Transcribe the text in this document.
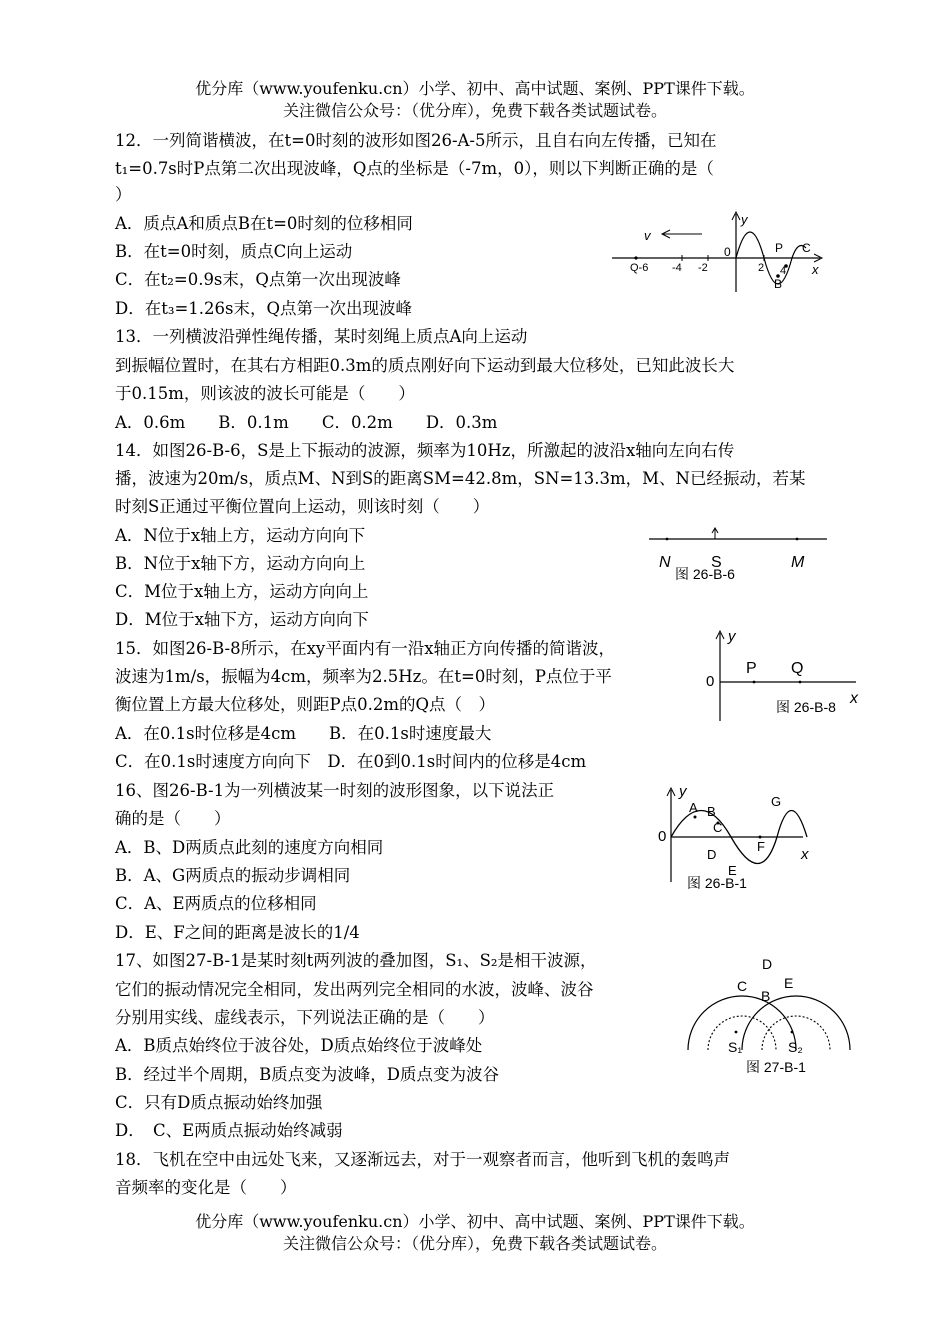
优分库（www.youfenku.cn）小学、初中、高中试题、案例、PPT课件下载。
关注微信公众号：（优分库），免费下载各类试题试卷。
12．一列简谐横波，在t=0时刻的波形如图26-A-5所示，且自右向左传播，已知在
t₁=0.7s时P点第二次出现波峰，Q点的坐标是（-7m，0），则以下判断正确的是（
）
A．质点A和质点B在t=0时刻的位移相同
B．在t=0时刻，质点C向上运动
C．在t₂=0.9s末，Q点第一次出现波峰
D．在t₃=1.26s末，Q点第一次出现波峰
13．一列横波沿弹性绳传播，某时刻绳上质点A向上运动
到振幅位置时，在其右方相距0.3m的质点刚好向下运动到最大位移处，已知此波长大
于0.15m，则该波的波长可能是（　　）
A．0.6m　　B．0.1m　　C．0.2m　　D．0.3m
14．如图26-B-6，S是上下振动的波源，频率为10Hz，所激起的波沿x轴向左向右传
播，波速为20m/s，质点M、N到S的距离SM=42.8m，SN=13.3m，M、N已经振动，若某
时刻S正通过平衡位置向上运动，则该时刻（　　）
A．N位于x轴上方，运动方向向下
B．N位于x轴下方，运动方向向上
C．M位于x轴上方，运动方向向上
D．M位于x轴下方，运动方向向下
15．如图26-B-8所示，在xy平面内有一沿x轴正方向传播的简谐波，
波速为1m/s，振幅为4cm，频率为2.5Hz。在t=0时刻，P点位于平
衡位置上方最大位移处，则距P点0.2m的Q点（　）
A．在0.1s时位移是4cm　　B．在0.1s时速度最大
C．在0.1s时速度方向向下　D．在0到0.1s时间内的位移是4cm
16、图26-B-1为一列横波某一时刻的波形图象，以下说法正
确的是（　　）
A．B、D两质点此刻的速度方向相同
B．A、G两质点的振动步调相同
C．A、E两质点的位移相同
D．E、F之间的距离是波长的1/4
17、如图27-B-1是某时刻t两列波的叠加图，S₁、S₂是相干波源，
它们的振动情况完全相同，发出两列完全相同的水波，波峰、波谷
分别用实线、虚线表示，下列说法正确的是（　　）
A．B质点始终位于波谷处，D质点始终位于波峰处
B．经过半个周期，B质点变为波峰，D质点变为波谷
C．只有D质点振动始终加强
D．　C、E两质点振动始终减弱
18．飞机在空中由远处飞来，又逐渐远去，对于一观察者而言，他听到飞机的轰鸣声
音频率的变化是（　　）
v
y
0
x
Q-6 -4 -2	2 4
P C
B
N	S	M
图 26-B-6
y
0
P Q
x
图 26-B-8
y
0
A B
C
D
E
F
G
x
图 26-B-1
D
C
B
E
S₁	S₂
图 27-B-1
优分库（www.youfenku.cn）小学、初中、高中试题、案例、PPT课件下载。
关注微信公众号：（优分库），免费下载各类试题试卷。
